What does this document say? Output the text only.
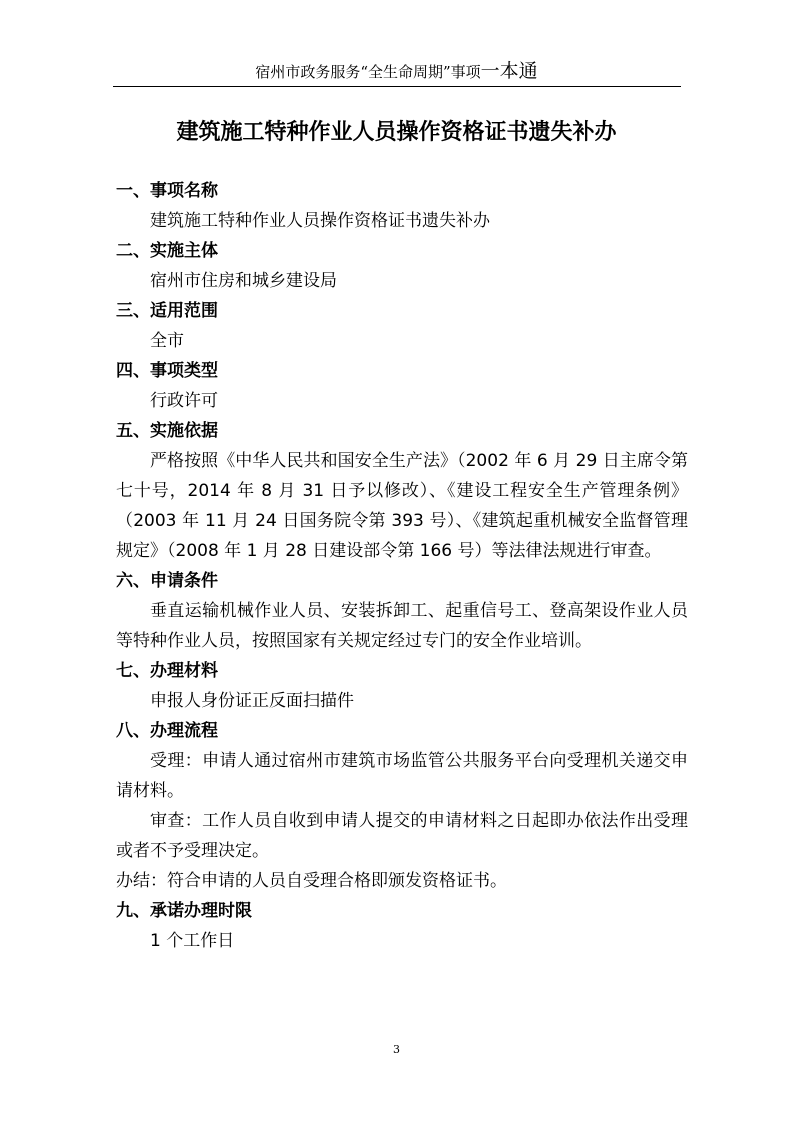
宿州市政务服务“全生命周期”事项一本通
建筑施工特种作业人员操作资格证书遗失补办

一、事项名称

建筑施工特种作业人员操作资格证书遗失补办

二、实施主体

宿州市住房和城乡建设局

三、适用范围

全市

四、事项类型

行政许可

五、实施依据

严格按照《中华人民共和国安全生产法》（2002 年 6 月 29 日主席令第七十号，2014 年 8 月 31 日予以修改）、《建设工程安全生产管理条例》（2003 年 11 月 24 日国务院令第 393 号）、《建筑起重机械安全监督管理规定》（2008 年 1 月 28 日建设部令第 166 号）等法律法规进行审查。

六、申请条件

垂直运输机械作业人员、安装拆卸工、起重信号工、登高架设作业人员等特种作业人员，按照国家有关规定经过专门的安全作业培训。

七、办理材料

申报人身份证正反面扫描件

八、办理流程

受理：申请人通过宿州市建筑市场监管公共服务平台向受理机关递交申请材料。

审查：工作人员自收到申请人提交的申请材料之日起即办依法作出受理或者不予受理决定。

办结：符合申请的人员自受理合格即颁发资格证书。

九、承诺办理时限

1 个工作日

3
